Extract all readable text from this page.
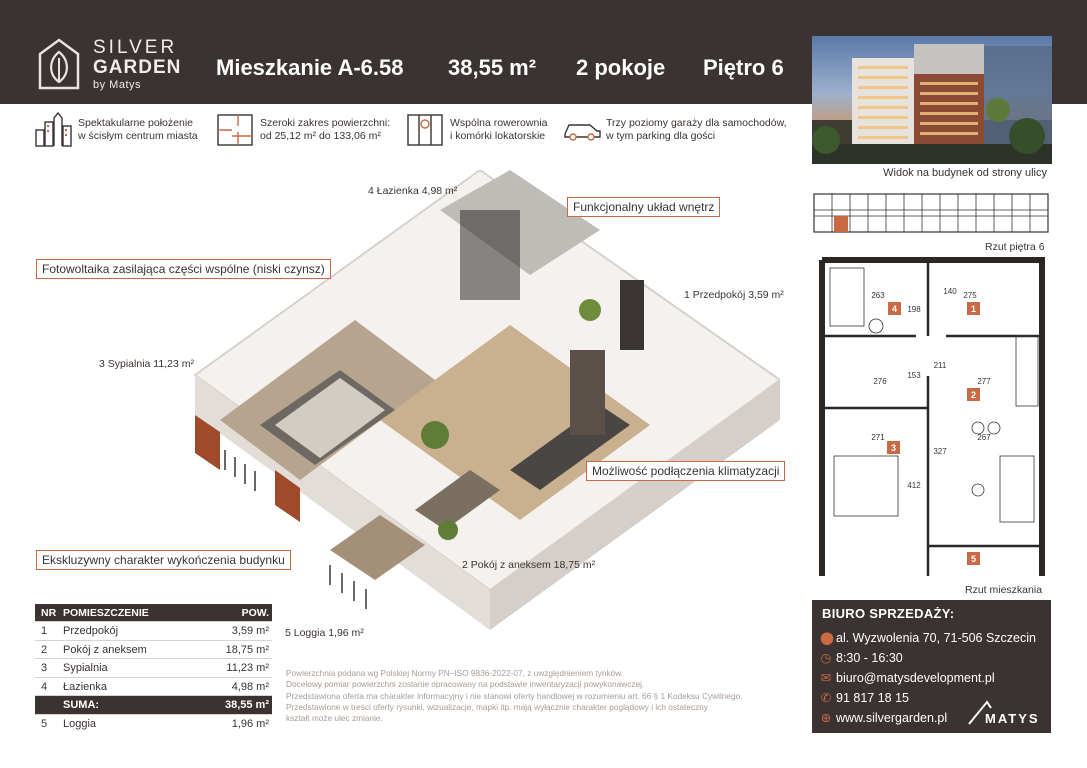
SILVER
GARDEN
by Matys
Mieszkanie A-6.58 38,55 m² 2 pokoje Piętro 6
Widok na budynek od strony ulicy
Spektakularne położenie
w ścisłym centrum miasta
Szeroki zakres powierzchni:
od 25,12 m² do 133,06 m²
Wspólna rowerownia
i komórki lokatorskie
Trzy poziomy garaży dla samochodów,
w tym parking dla gości
4 Łazienka 4,98 m²
1 Przedpokój 3,59 m²
3 Sypialnia 11,23 m²
2 Pokój z aneksem 18,75 m²
5 Loggia 1,96 m²
Funkcjonalny układ wnętrz
Fotowoltaika zasilająca części wspólne (niski czynsz)
Możliwość podłączenia klimatyzacji
Ekskluzywny charakter wykończenia budynku
Rzut piętra 6
1
2
3
4
5
263	140 275
198
276
153
211
277
271	267
327
412
Rzut mieszkania
BIURO SPRZEDAŻY:
⬤ al. Wyzwolenia 70, 71-506 Szczecin
◷ 8:30 - 16:30
✉ biuro@matysdevelopment.pl
✆ 91 817 18 15
⊕ www.silvergarden.pl	MATYS
NR POMIESZCZENIE	POW.
1 Przedpokój	3,59 m²
2 Pokój z aneksem	18,75 m²
3 Sypialnia	11,23 m²
4 Łazienka	4,98 m²
SUMA:	38,55 m²
5 Loggia	1,96 m²
Powierzchnia podana wg Polskiej Normy PN–ISO 9836-2022-07, z uwzględnieniem tynków.
Docelowy pomiar powierzchni zostanie opracowany na podstawie inwentaryzacji powykonawczej.
Przedstawiona oferta ma charakter informacyjny i nie stanowi oferty handlowej w rozumieniu art. 66 § 1 Kodeksu Cywilnego.
Przedstawione w treści oferty rysunki, wizualizacje, mapki itp. mają wyłącznie charakter poglądowy i ich ostateczny
kształt może ulec zmianie.
